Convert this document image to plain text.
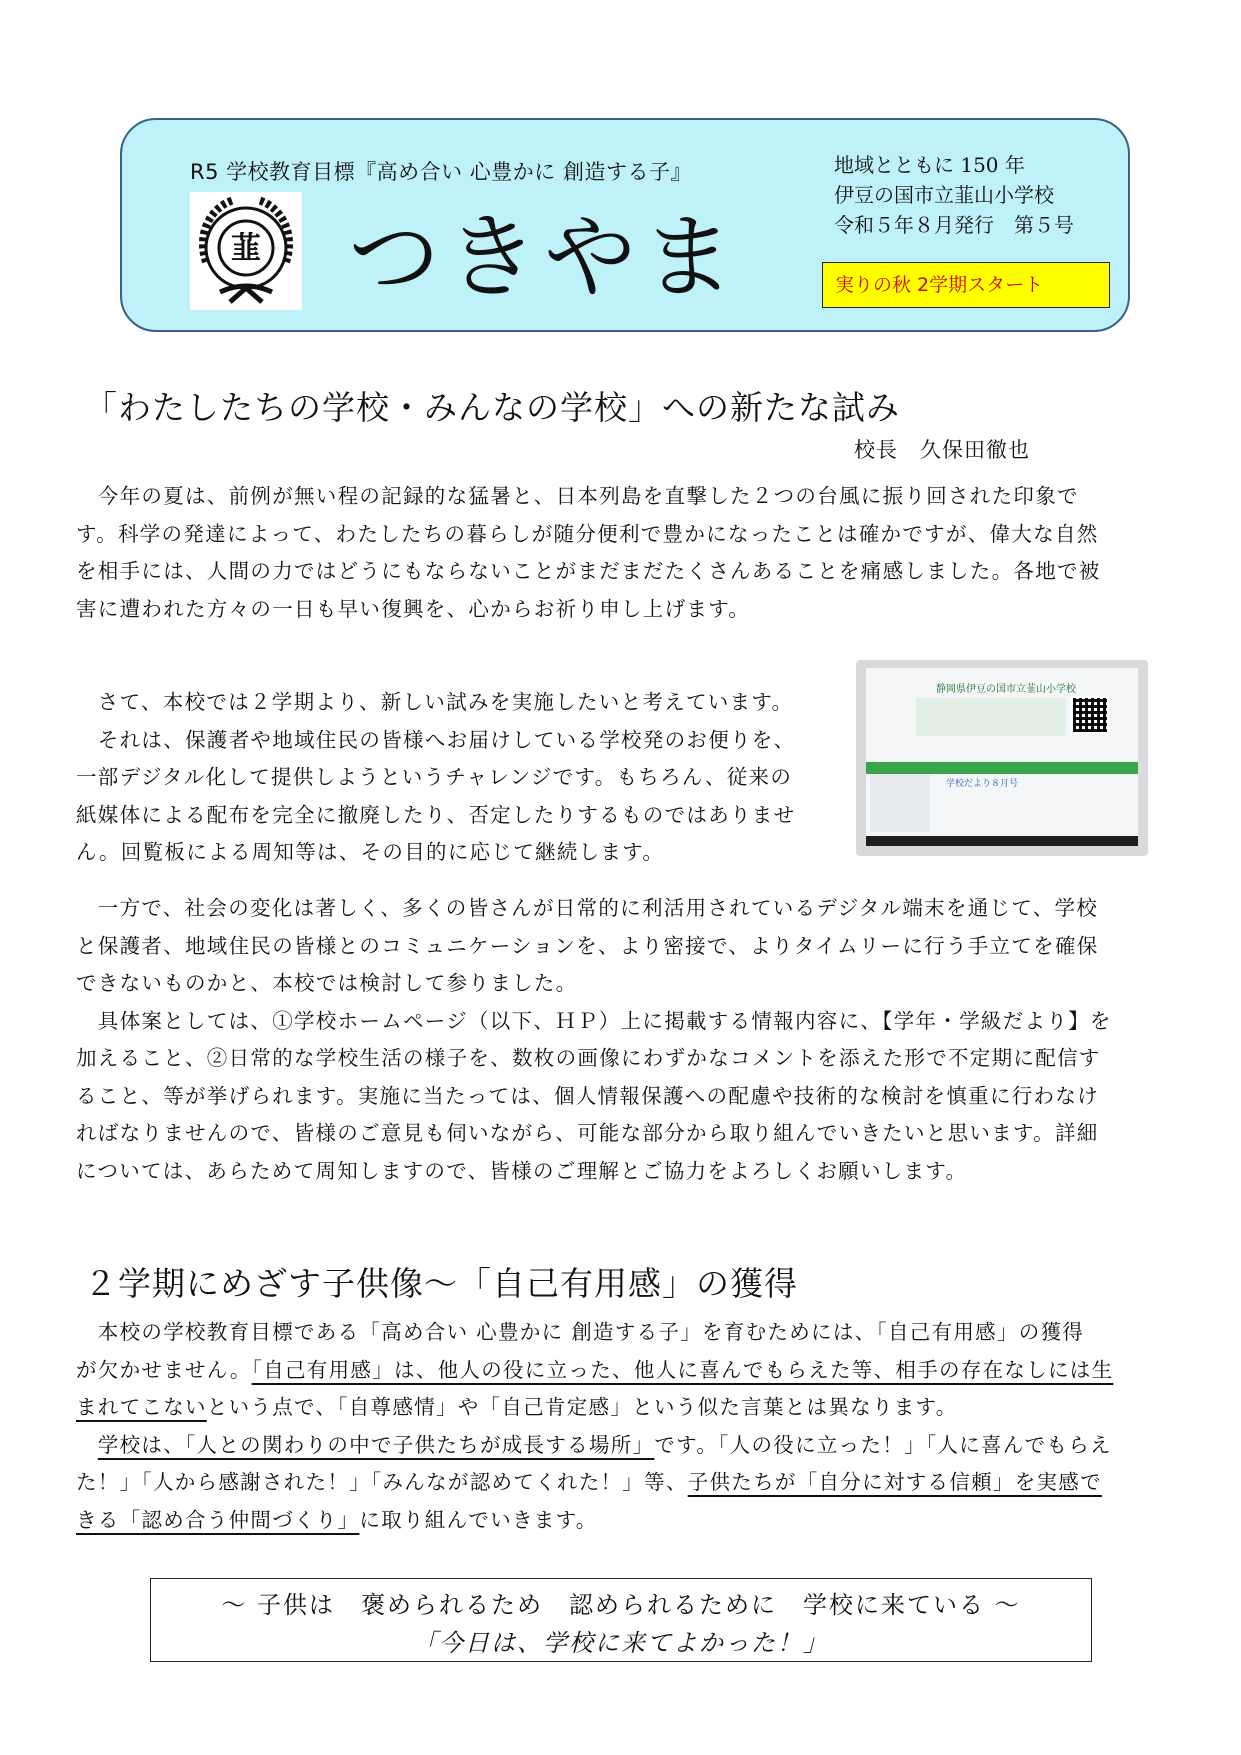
R5 学校教育目標『高め合い 心豊かに 創造する子』
韮 つきやま
地域とともに 150 年
伊豆の国市立韮山小学校
令和５年８月発行　第５号
実りの秋 2学期スタート
「わたしたちの学校・みんなの学校」への新たな試み
校長　久保田徹也
　今年の夏は、前例が無い程の記録的な猛暑と、日本列島を直撃した２つの台風に振り回された印象で
す。科学の発達によって、わたしたちの暮らしが随分便利で豊かになったことは確かですが、偉大な自然
を相手には、人間の力ではどうにもならないことがまだまだたくさんあることを痛感しました。各地で被
害に遭われた方々の一日も早い復興を、心からお祈り申し上げます。
　さて、本校では２学期より、新しい試みを実施したいと考えています。
　それは、保護者や地域住民の皆様へお届けしている学校発のお便りを、
一部デジタル化して提供しようというチャレンジです。もちろん、従来の
紙媒体による配布を完全に撤廃したり、否定したりするものではありませ
ん。回覧板による周知等は、その目的に応じて継続します。
静岡県伊豆の国市立韮山小学校
学校だより８月号
　一方で、社会の変化は著しく、多くの皆さんが日常的に利活用されているデジタル端末を通じて、学校
と保護者、地域住民の皆様とのコミュニケーションを、より密接で、よりタイムリーに行う手立てを確保
できないものかと、本校では検討して参りました。
　具体案としては、①学校ホームページ（以下、ＨＰ）上に掲載する情報内容に、【学年・学級だより】を
加えること、②日常的な学校生活の様子を、数枚の画像にわずかなコメントを添えた形で不定期に配信す
ること、等が挙げられます。実施に当たっては、個人情報保護への配慮や技術的な検討を慎重に行わなけ
ればなりませんので、皆様のご意見も伺いながら、可能な部分から取り組んでいきたいと思います。詳細
については、あらためて周知しますので、皆様のご理解とご協力をよろしくお願いします。
２学期にめざす子供像～「自己有用感」の獲得
　本校の学校教育目標である「高め合い 心豊かに 創造する子」を育むためには、「自己有用感」の獲得
が欠かせません。「自己有用感」は、他人の役に立った、他人に喜んでもらえた等、相手の存在なしには生
まれてこないという点で、「自尊感情」や「自己肯定感」という似た言葉とは異なります。
　学校は、「人との関わりの中で子供たちが成長する場所」です。「人の役に立った！」「人に喜んでもらえ
た！」「人から感謝された！」「みんなが認めてくれた！」等、子供たちが「自分に対する信頼」を実感で
きる「認め合う仲間づくり」に取り組んでいきます。
～ 子供は　褒められるため　認められるために　学校に来ている ～
「今日は、学校に来てよかった！」
